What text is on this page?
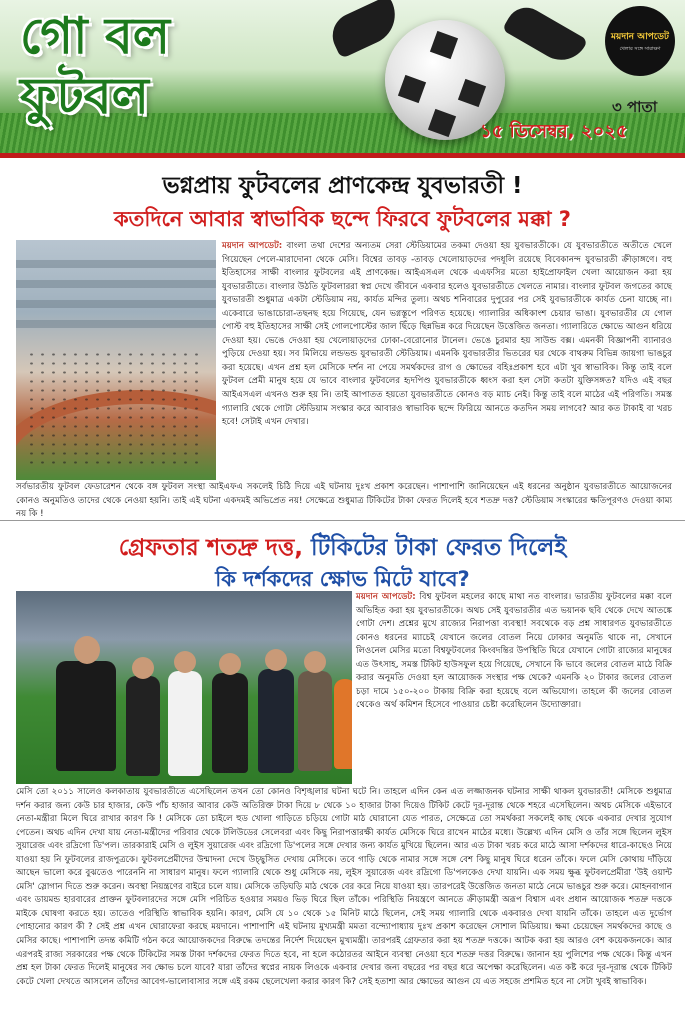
গো বল
ফুটবল
ময়দান আপডেট
খেলার সঙ্গে সারাক্ষণ
৩ পাতা
১৫ ডিসেম্বর, ২০২৫
ভগ্নপ্রায় ফুটবলের প্রাণকেন্দ্র যুবভারতী !
কতদিনে আবার স্বাভাবিক ছন্দে ফিরবে ফুটবলের মক্কা ?
ময়দান আপডেট: বাংলা তথা দেশের অন্যতম সেরা স্টেডিয়ামের তকমা দেওয়া হয় যুবভারতীকে। যে যুবভারতীতে অতীতে খেলে গিয়েছেন পেলে-মারাদোনা থেকে মেসি। বিশ্বের তাবড় -তাবড় খেলোয়াড়দের পদধূলি রয়েছে বিবেকানন্দ যুবভারতী ক্রীড়াঙ্গণে। বহু ইতিহাসের সাক্ষী বাংলার ফুটবলের এই প্রাণকেন্দ্র। আইএসএল থেকে এএফসির মতো হাইপ্রোফাইল খেলা আয়োজন করা হয় যুবভারতীতে। বাংলার উঠতি ফুটবলাররা স্বপ্ন দেখে জীবনে একবার হলেও যুবভারতীতে খেলতে নামার। বাংলার ফুটবল জগতের কাছে যুবভারতী শুধুমাত্র একটা স্টেডিয়াম নয়, কার্যত মন্দির তুল্য। অথচ শনিবারের দুপুরের পর সেই যুবভারতীকে কার্যত চেনা যাচ্ছে না। একেবারে ভাঙাচোরা-তছনছ হয়ে গিয়েছে, যেন ভগ্নস্তূপে পরিণত হয়েছে। গ্যালারির অধিকাংশ চেয়ার ভাঙা। যুবভারতীর যে গোল পোস্ট বহু ইতিহাসের সাক্ষী সেই গোলপোস্টের জাল ছিঁড়ে ছিন্নভিন্ন করে দিয়েছেন উত্তেজিত জনতা। গ্যালারিতে ক্ষোভে আগুন ধরিয়ে দেওয়া হয়। ভেঙে দেওয়া হয় খেলোয়াড়দের ঢোকা-বেরোনোর টানেল। ভেঙে চুরমার হয় সাউন্ড বক্স। এমনকী বিজ্ঞাপনী ব্যানারও পুড়িয়ে দেওয়া হয়। সব মিলিয়ে লন্ডভন্ড যুবভারতী স্টেডিয়াম। এমনকি যুবভারতীর ভিতরের ঘর থেকে বাথরুম বিভিন্ন জায়গা ভাঙচুর করা হয়েছে। এখন প্রশ্ন হল মেসিকে দর্শন না পেয়ে সমর্থকদের রাগ ও ক্ষোভের বহিঃপ্রকাশ হবে এটা খুব স্বাভাবিক। কিন্তু তাই বলে ফুটবল প্রেমী মানুষ হয়ে যে ভাবে বাংলার ফুটবলের হৃদপিণ্ড যুবভারতীকে ধ্বংস করা হল সেটা কতটা যুক্তিসঙ্গত? যদিও এই বছর আইএসএল এখনও শুরু হয় নি। তাই আপাতত হয়তো যুবভারতীতে কোনও বড় ম্যাচ নেই। কিন্তু তাই বলে মাঠের এই পরিণতি। সমস্ত গ্যালারি থেকে গোটা স্টেডিয়াম সংস্কার করে আবারও স্বাভাবিক ছন্দে ফিরিয়ে আনতে কতদিন সময় লাগবে? আর কত টাকাই বা খরচ হবে! সেটাই এখন দেখার।
সর্বভারতীয় ফুটবল ফেডারেশন থেকে বঙ্গ ফুটবল সংস্থা আইএফএ সকলেই চিঠি দিয়ে এই ঘটনায় দুঃখ প্রকাশ করেছেন। পাশাপাশি জানিয়েছেন এই ধরনের অনুষ্ঠান যুবভারতীতে আয়োজনের কোনও অনুমতিও তাদের থেকে নেওয়া হয়নি। তাই এই ঘটনা একদমই অভিপ্রেত নয়! সেক্ষেত্রে শুধুমাত্র টিকিটের টাকা ফেরত দিলেই হবে শতদ্রু দত্ত? স্টেডিয়াম সংস্কারের ক্ষতিপূরণও দেওয়া কাম্য নয় কি !
গ্রেফতার শতদ্রু দত্ত, টিকিটের টাকা ফেরত দিলেই
কি দর্শকদের ক্ষোভ মিটে যাবে?
ময়দান আপডেট: বিশ্ব ফুটবল মহলের কাছে মাথা নত বাংলার। ভারতীয় ফুটবলের মক্কা বলে অভিহিত করা হয় যুবভারতীকে। অথচ সেই যুবভারতীর এত ভয়ানক ছবি থেকে দেখে আতঙ্কে গোটা দেশ। প্রশ্নের মুখে রাজ্যের নিরাপত্তা ব্যবস্থা! সবথেকে বড় প্রশ্ন সাধারণত যুবভারতীতে কোনও ধরনের ম্যাচেই যেখানে জলের বোতল নিয়ে ঢোকার অনুমতি থাকে না, সেখানে লিওনেল মেসির মতো বিশ্বফুটবলের কিংবদন্তির উপস্থিতি ঘিরে যেখানে গোটা রাজ্যের মানুষের এত উৎসাহ, সমস্ত টিকিট হাউসফুল হয়ে গিয়েছে, সেখানে কি ভাবে জলের বোতল মাঠে বিক্রি করার অনুমতি দেওয়া হল আয়োজক সংস্থার পক্ষ থেকে? এমনকি ২০ টাকার জলের বোতল চড়া দামে ১৫০-২০০ টাকায় বিক্রি করা হয়েছে বলে অভিযোগ। তাহলে কী জলের বোতল থেকেও অর্থ কমিশন হিসেবে পাওয়ার চেষ্টা করেছিলেন উদ্যোক্তারা।
মেসি তো ২০১১ সালেও কলকাতায় যুবভারতীতে এসেছিলেন তখন তো কোনও বিশৃঙ্খলার ঘটনা ঘটে নি। তাহলে এদিন কেন এত লজ্জাজনক ঘটনার সাক্ষী থাকল যুবভারতী! মেসিকে শুধুমাত্র দর্শন করার জন্য কেউ চার হাজার, কেউ পাঁচ হাজার আবার কেউ অতিরিক্ত টাকা দিয়ে ৮ থেকে ১০ হাজার টাকা দিয়েও টিকিট কেটে দূর-দূরান্ত থেকে শহরে এসেছিলেন। অথচ মেসিকে এইভাবে নেতা-মন্ত্রীরা মিলে ঘিরে রাখার কারণ কি ! মেসিকে তো চাইলে হুড খোলা গাড়িতে চড়িয়ে গোটা মাঠ ঘোরানো যেত পারত, সেক্ষেত্রে তো সমর্থকরা সকলেই কাছ থেকে একবার দেখার সুযোগ পেতেন। অথচ এদিন দেখা যায় নেতা-মন্ত্রীদের পরিবার থেকে টলিউডের সেলেবরা এবং কিছু নিরাপত্তারক্ষী কার্যত মেসিকে ঘিরে রাখেন মাঠের মধ্যে। উল্লেখ্য এদিন মেসি ও তাঁর সঙ্গে ছিলেন লুইস সুয়ারেজ এবং রদ্রিগো ডি'পল। তারকারাই মেসি ও লুইস সুয়ারেজ এবং রদ্রিগো ডি'পলের সঙ্গে দেখার জন্য কার্যত মুখিয়ে ছিলেন। আর এত টাকা খরচ করে মাঠে আসা দর্শকদের ধারে-কাছেও নিয়ে যাওয়া হয় নি ফুটবলের রাজপুত্রকে। ফুটবলপ্রেমীদের উন্মাদনা দেখে উচ্ছ্বসিত দেখায় মেসিকে। তবে গাড়ি থেকে নামার সঙ্গে সঙ্গে বেশ কিছু মানুষ ঘিরে ধরেন তাঁকে। ফলে মেসি কোথায় দাঁড়িয়ে আছেন ভালো করে বুঝতেও পারেননি না সাধারণ মানুষ। ফলে গ্যালারি থেকে শুধু মেসিকে নয়, লুইস সুয়ারেজ এবং রদ্রিগো ডি'পলকেও দেখা যায়নি। এক সময় ক্ষুব্ধ ফুটবলপ্রেমীরা 'উই ওয়ান্ট মেসি' স্লোগান দিতে শুরু করেন। অবস্থা নিয়ন্ত্রণের বাইরে চলে যায়। মেসিকে তড়িঘড়ি মাঠ থেকে বের করে নিয়ে যাওয়া হয়। তারপরেই উত্তেজিত জনতা মাঠে নেমে ভাঙচুর শুরু করে। মোহনবাগান এবং ডায়মন্ড হারবারের প্রাক্তন ফুটবলারদের সঙ্গে মেসি পরিচিত হওয়ার সময়ও ভিড় ঘিরে ছিল তাঁকে। পরিস্থিতি নিয়ন্ত্রণে আনতে ক্রীড়ামন্ত্রী অরূপ বিশ্বাস এবং প্রধান আয়োজক শতদ্রু দত্তকে মাইকে ঘোষণা করতে হয়। তাতেও পরিস্থিতি স্বাভাবিক হয়নি। কারণ, মেসি যে ১০ থেকে ১৫ মিনিট মাঠে ছিলেন, সেই সময় গ্যালারি থেকে একবারও দেখা যায়নি তাঁকে। তাহলে এত দুর্ভোগ পোহানোর কারণ কী ? সেই প্রশ্ন এখন ঘোরাফেরা করছে ময়দানে। পাশাপাশি এই ঘটনায় মুখ্যমন্ত্রী মমতা বন্দ্যোপাধ্যায় দুঃখ প্রকাশ করেছেন সোশাল মিডিয়ায়। ক্ষমা চেয়েছেন সমর্থকদের কাছে ও মেসির কাছে। পাশাপাশি তদন্ত কমিটি গঠন করে আয়োজকদের বিরুদ্ধে তদন্তের নির্দেশ দিয়েছেন মুখ্যমন্ত্রী। তারপরই গ্রেফতার করা হয় শতদ্রু দত্তকে। আটক করা হয় আরও বেশ কয়েকজনকে। আর এরপরই রাজ্য সরকারের পক্ষ থেকে টিকিটের সমস্ত টাকা দর্শকদের ফেরত দিতে হবে, না হলে কঠোরতর আইনে ব্যবস্থা নেওয়া হবে শতদ্রু দত্তর বিরুদ্ধে। জানান হয় পুলিশের পক্ষ থেকে। কিন্তু এখন প্রশ্ন হল টাকা ফেরত দিলেই মানুষের সব ক্ষোভ চলে যাবে? যারা তাঁদের স্বপ্নের নায়ক লিওকে একবার দেখার জন্য বছরের পর বছর ধরে অপেক্ষা করেছিলেন। এত কষ্ট করে দূর-দূরান্ত থেকে টিকিট কেটে খেলা দেখতে আসলেন তাঁদের আবেগ-ভালোবাসার সঙ্গে এই রকম ছেলেখেলা করার কারণ কি? সেই হতাশা আর ক্ষোভের আগুন যে এত সহজে প্রশমিত হবে না সেটা খুবই স্বাভাবিক।
